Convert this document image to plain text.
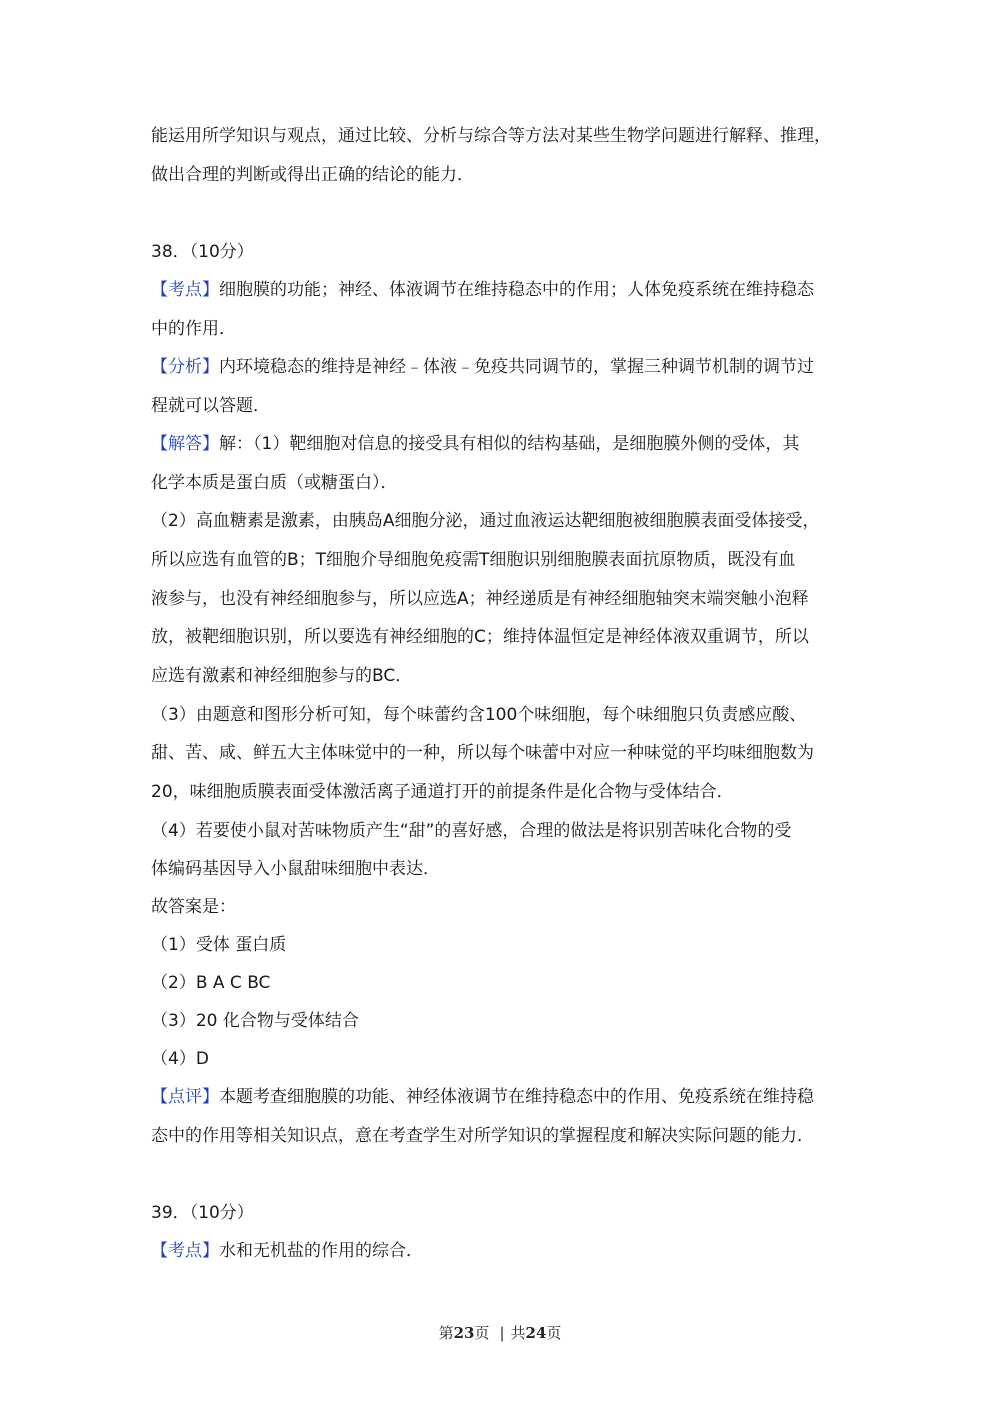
能运用所学知识与观点，通过比较、分析与综合等方法对某些生物学问题进行解释、推理，
做出合理的判断或得出正确的结论的能力．
38．（10分）
【考点】细胞膜的功能；神经、体液调节在维持稳态中的作用；人体免疫系统在维持稳态
中的作用．
【分析】内环境稳态的维持是神经﹣体液﹣免疫共同调节的，掌握三种调节机制的调节过
程就可以答题．
【解答】解：（1）靶细胞对信息的接受具有相似的结构基础，是细胞膜外侧的受体，其
化学本质是蛋白质（或糖蛋白）．
（2）高血糖素是激素，由胰岛A细胞分泌，通过血液运达靶细胞被细胞膜表面受体接受，
所以应选有血管的B；T细胞介导细胞免疫需T细胞识别细胞膜表面抗原物质，既没有血
液参与，也没有神经细胞参与，所以应选A；神经递质是有神经细胞轴突末端突触小泡释
放，被靶细胞识别，所以要选有神经细胞的C；维持体温恒定是神经体液双重调节，所以
应选有激素和神经细胞参与的BC．
（3）由题意和图形分析可知，每个味蕾约含100个味细胞，每个味细胞只负责感应酸、
甜、苦、咸、鲜五大主体味觉中的一种，所以每个味蕾中对应一种味觉的平均味细胞数为
20，味细胞质膜表面受体激活离子通道打开的前提条件是化合物与受体结合．
（4）若要使小鼠对苦味物质产生“甜”的喜好感，合理的做法是将识别苦味化合物的受
体编码基因导入小鼠甜味细胞中表达．
故答案是：
（1）受体 蛋白质
（2）B A C BC
（3）20 化合物与受体结合
（4）D
【点评】本题考查细胞膜的功能、神经体液调节在维持稳态中的作用、免疫系统在维持稳
态中的作用等相关知识点，意在考查学生对所学知识的掌握程度和解决实际问题的能力．
39．（10分）
【考点】水和无机盐的作用的综合．
第23页 | 共24页
